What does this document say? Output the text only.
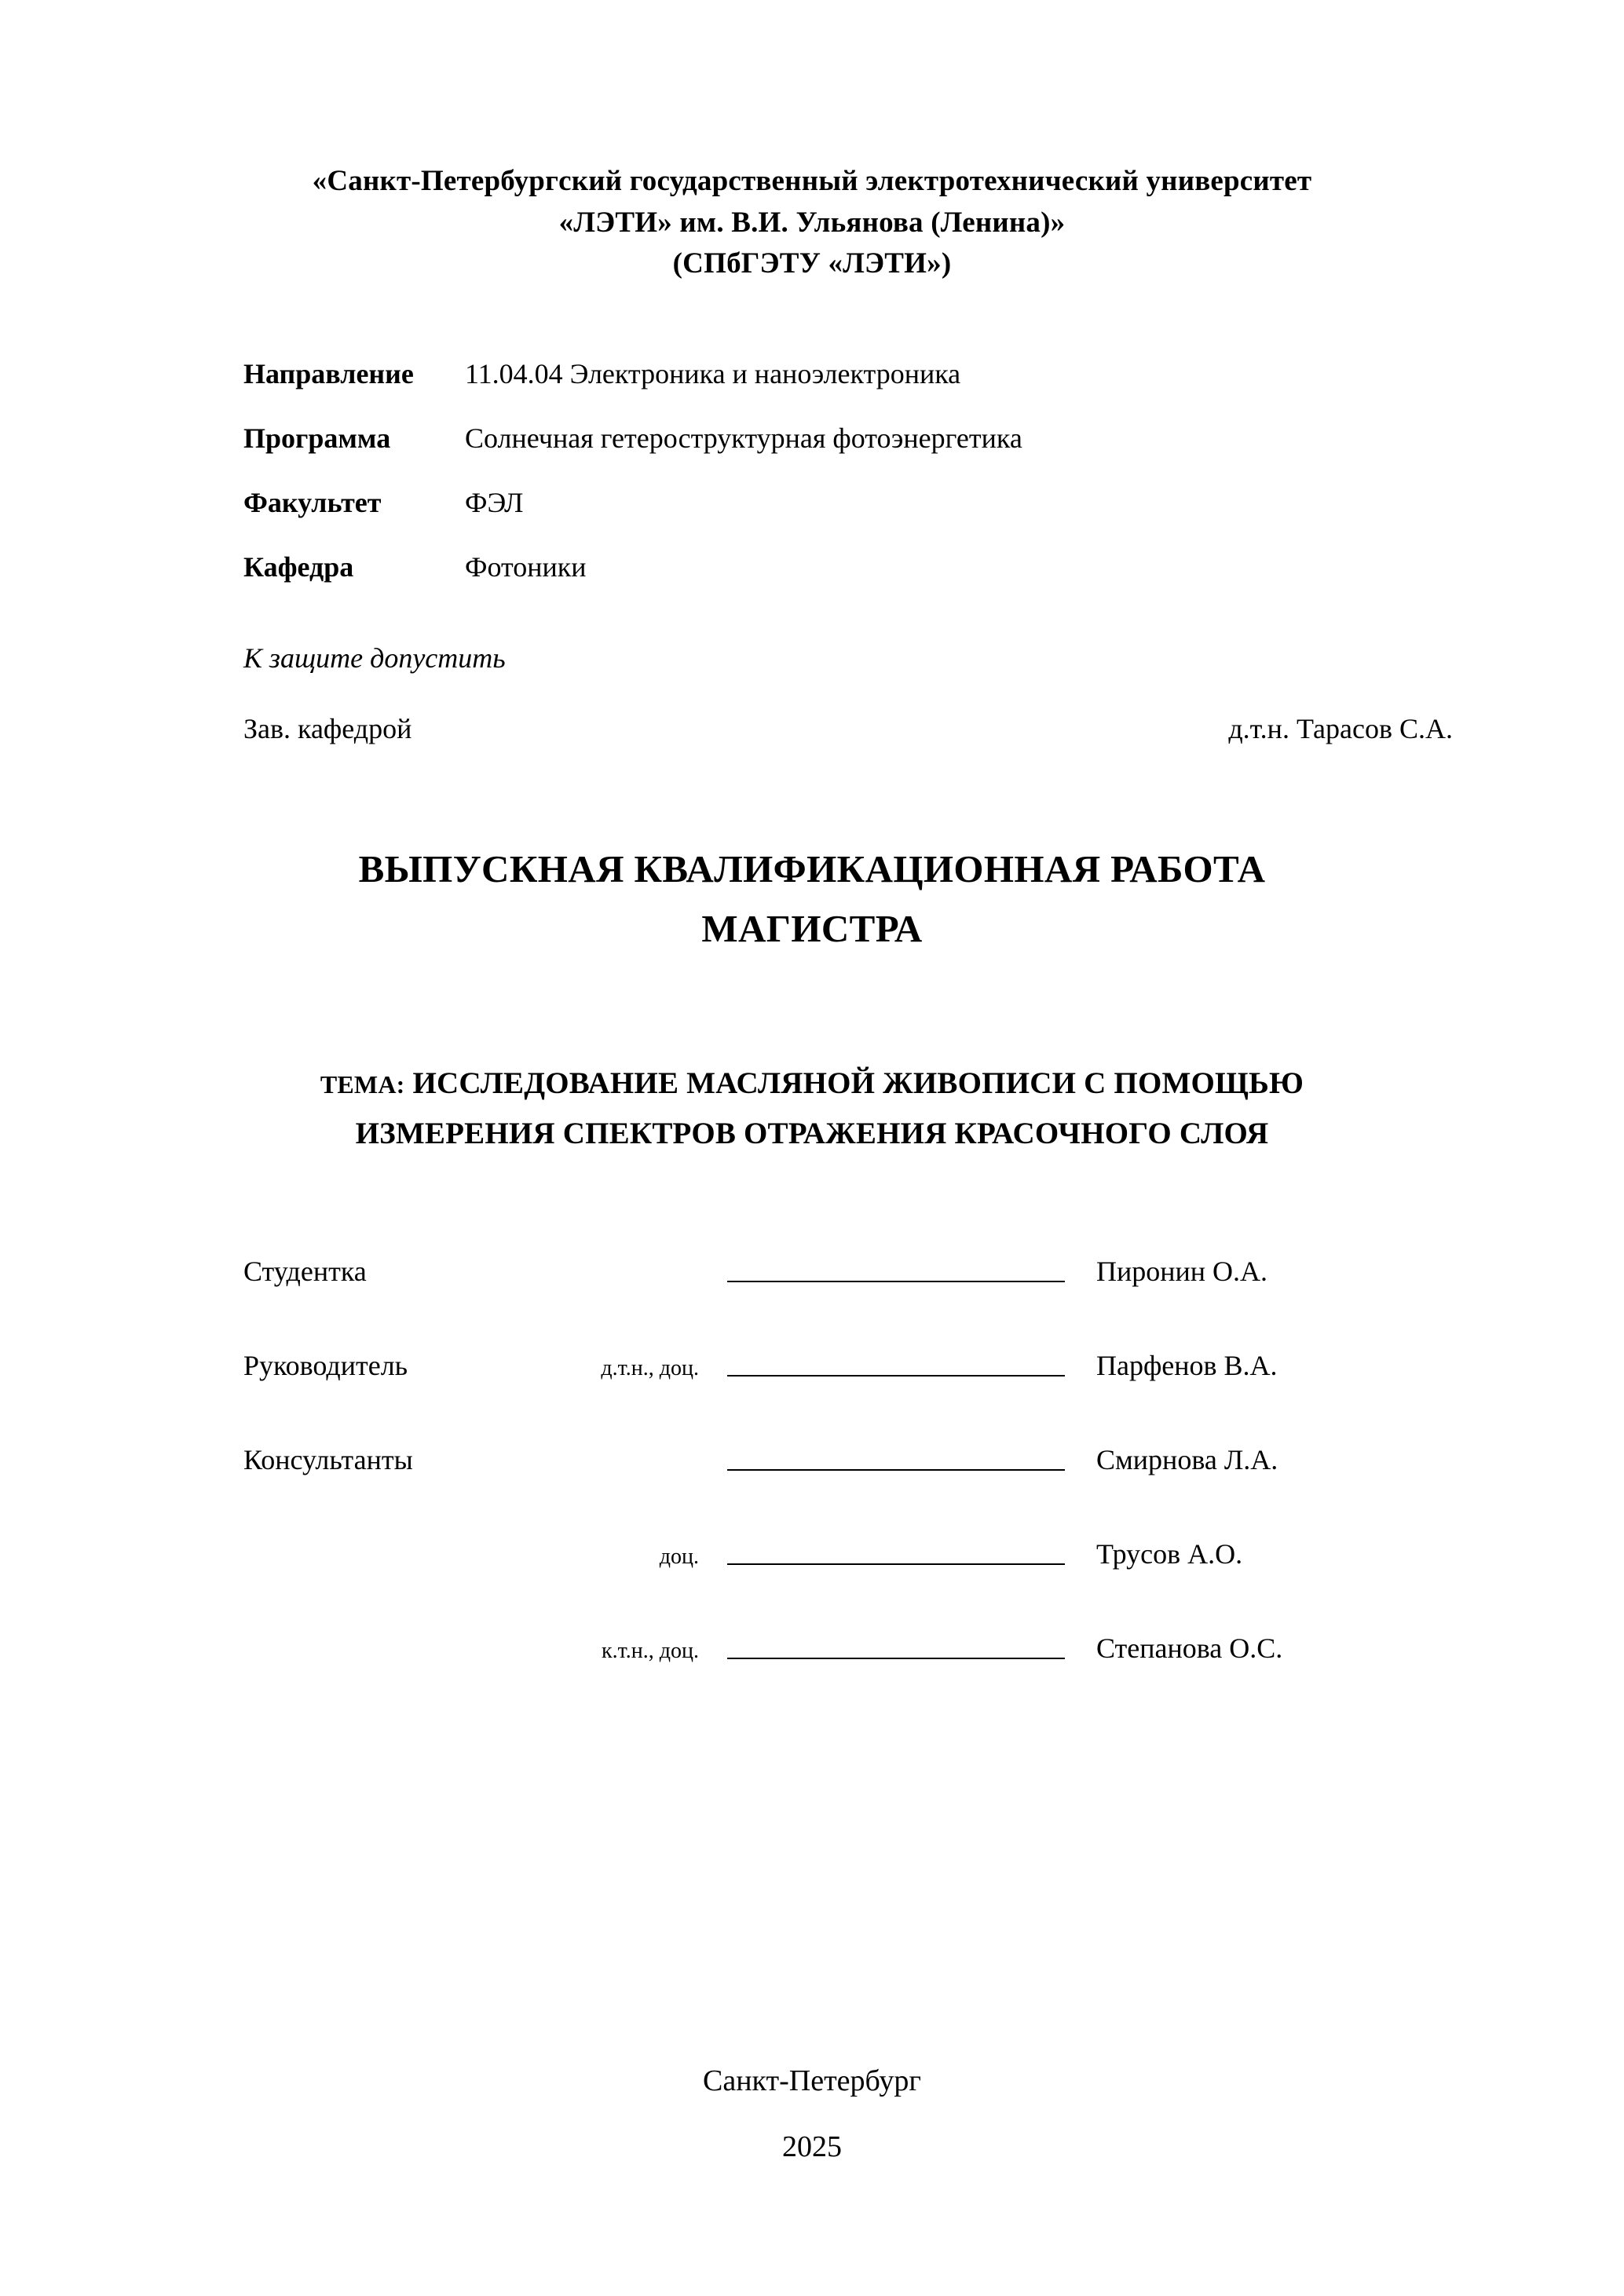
«Санкт-Петербургский государственный электротехнический университет
«ЛЭТИ» им. В.И. Ульянова (Ленина)»
(СПбГЭТУ «ЛЭТИ»)
Направление	11.04.04 Электроника и наноэлектроника
Программа	Солнечная гетероструктурная фотоэнергетика
Факультет	ФЭЛ
Кафедра	Фотоники
К защите допустить
Зав. кафедрой	д.т.н. Тарасов С.А.
ВЫПУСКНАЯ КВАЛИФИКАЦИОННАЯ РАБОТА
МАГИСТРА
ТЕМА: ИССЛЕДОВАНИЕ МАСЛЯНОЙ ЖИВОПИСИ С ПОМОЩЬЮ
ИЗМЕРЕНИЯ СПЕКТРОВ ОТРАЖЕНИЯ КРАСОЧНОГО СЛОЯ
Студентка	Пиронин О.А.
Руководитель	д.т.н., доц.	Парфенов В.А.
Консультанты	Смирнова Л.А.
доц.	Трусов А.О.
к.т.н., доц.	Степанова О.С.
Санкт-Петербург
2025
